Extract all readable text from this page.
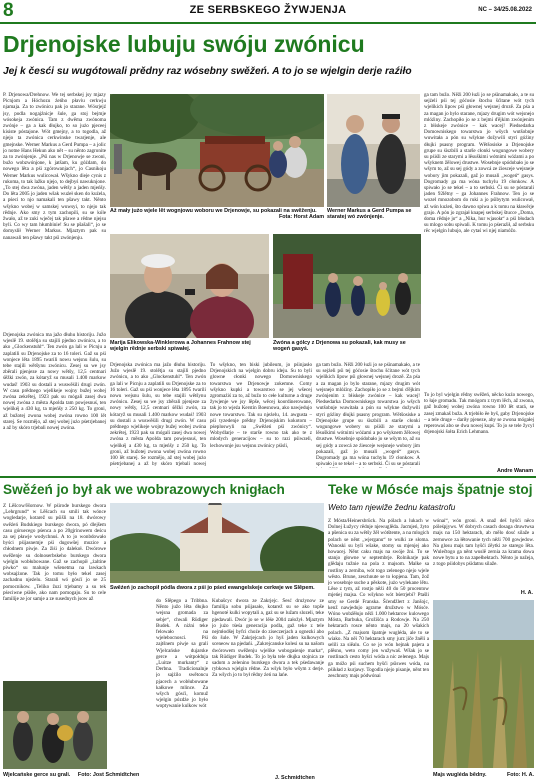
8	ZE SERBSKEGO ŽYWJENJA	NC – 34/25.08.2022
Drjenojske lubuju swóju zwónicu
Jej k česći su wugótowali prědny raz wósebny swěžeń. A to jo se wjelgin derje raźiło
P. Drjenowa/Drehnow. We tej serbskej jsy mjazy Picnjom a Hóchozu źeńho płaviu cerkwju njamaja. Za to zwónicu pak jo starane. Wósrjejź jsy, podla nogajźnicje šule, ga stoj bejmje wósokeja zwónica. Tam z dwěma zwónoma zwónje – ga a kak dłujko, to so jużo pjeceej kisiste póstajone. Wót gmejny, a to togodla, až njejo ta zwónica cerkwinske twarjenje, ale gmejnske. Werner Markus a Gerd Pumpa – a jolic jo notne Hans Hekun ako nět – su něnto zagronite za to zwónjenje. „Pśi nas w Drjenowje se zwoni, bužo wobzwónjone, k jatšam, ku góźdam, do nowego lěta a pśi zgórowanjach“, jo Casnikoju Werner Markus wulicował. Wšykno dieje cynis z rukoma, to tak lažko njejo, to dejbyś nawuknjone. „To stej dwa zwóna, jaden wětšy a jaden mjeńšy. Do lěta 2005 jo jaden wšak wuźeł sken do kuźela, a pśeci to njo namakali ten pšawy takt. Něnto wšykno wobej w samskej wuwsyi, to njejo tak rědnje. Ako smy z tym zachopili, su se kóle žwało, až te zuki wječej tak pšawe a rědne njejsu byli. Co wy tam hłumbinie! Su se pšašali“, jo se domyslił Werner Markus. Mjaztym pak su nanawali ten pšawy takt pśi zwónjenju.
Drjenojska zwónica ma jažo dłuhu historiju. Južo wjeslě 19. stolětja su stajili pjedno zwónicu, a to ako „Glockenstuhl“. Ten zwón ga lali w Picnju a zaplatili su Drjenojske za to 16 toleri. Gaž su pśi wonjece lěta 1895 twarili nowu wejsnu šulu, su tebe stajili wětšynu zwónicu. Zesej su we jsy zběrali pjenjeze za nowy wětšy, 12,5 centnari śěžki zwón, za kótaryž su musali 1.400 markow wudaś! 1903 su dostali a wuswěśili drugi zwón. W casu prědnego wjelikeje wojny bužej wobej zwóna zekrětej, 1923 pak su mógali zasej dwa nowej zwóna z města Apolda tam powjesnuś, ten wjelikéj a 430 kg, ta mjeńšy z 250 kg. To groni, až bužotej zwona wobej zwóna rowno 100 lět starej. Se rozmějo, až stej wobej jużo pśetrjebanej a až by skóro trjebali nowej zwóna.
Až mały jużo wjele lět wognjowu woboru we Drjenowje, su pokazali na swěženju.
Fota: Horst Adam
Werner Markus a Gerd Pumpa se staratej wó zwónjenje.
ga tam bužo. Něži 200 łuźi jo se pśinamakało, a te su sejźeli pśi tej góćosie štochu šćitane wót tych wjelikich lipow pśi głownej wejsnej drozě. Za pśa a za magan jo bylo starane, mjazy drugim wót wejsnejo mlóźiny. Zachopiło jo se z bejmi ďějkim zwónjenim z błiskeje zwónice – kak wacej! Piedsedarka Domowniskego towarstwa jo wšych wutšobnje wuwitała a pón su wšykne dožywili styri góźiny dłujki psasny program. Wětšosiske a Drjenojske grupe su śiszbili a starše cłonki wogungowe wobery su pśiśli ze starymi a lěsuškimi wótnimi wóźami a po wšyknem žělowej drustwe. Wosebnje spódobało jo se wšym to, až su sej gódy a zowcá ze źiesceje wejsneje wobory jim pokazali, gaž jo musali „wogeń“ gasys. Dogromady ga ma wóna tuchylu 19 cłonkow. A spiwało jo se tekel – a to serbski. Či su se póstarali jaden 92lětny – ga Johannes Frahnow. Ten jo se wozel mnozobom do ruki a jo pśibytym wulicował, až wón kuźeń, što dawno spiwa a k tomu na kławěrje grajo. A pón jo zgrajał knapej serbskej štucce „Doma, doma rědnje jo“ a „Nika, hur wjasoła“ a pśi błudach su mlogo sobu spiwali. K tomu jo pśeraźił, až serbsku rěc wjelgin lubujo, ale cytaś wi njej niamóžo.
To jo byl wjelgin rědny swěžeń, něcko kuźo nowego, to łaje gromadu. Tak mnógom z trym lěch, až zwona, gaž bužotej wobej zwóna rowno 100 lět stará, se zasej zmakaš buža. A trjebiło ěe byš, gaby Drjenojske – a tele druge – dariły pjeneze, aby se zwona mógałej reperowaś abo se dwa nowej kupś. To jo se tele žycyl drjenojski šołta Erich Lehmann.
Andre Wanam
Marija Elikowska-Winklerowa a Johannes Frahnow stej wjelgin rědnje serbski spiwałej.
Zwóna a gólcy z Drjenowa su pokazali, kak musy se wogeń gasyś.
Drjenojska zwónica ma jažo dłuhu historiju. Južo wjeslě 19. stolětja su stajili pjedno zwónicu, a to ako „Glockenstuhl“. Ten zwón ga lali w Picnju a zaplatili su Drjenojske za to 16 toleri. Gaž su pśi wonjece lěta 1895 twarili nowu wejsnu šulu, su tebe stajili wětšynu zwónicu. Zesej su we jsy zběrali pjenjeze za nowy wětšy, 12,5 centnari śěžki zwón, za kótaryž su musali 1.400 markow wudaś! 1903 su dostali a wuswěśili drugi zwón. W casu prědnego wjelikeje wojny bužej wobej zwóna zekrětej, 1923 pak su mógali zasej dwa nowej zwóna z města Apolda tam powjesnuś, ten wjelikéj a 430 kg, ta mjeńšy z 250 kg. To groni, až bužotej zwona wobej zwóna rowno 100 lět starej. Se rozmějo, až stej wobej jużo pśetrjebanej a až by skóro trjebali nowej
To wšykno, ten biski jubileum, jo pśinjasło Drjenojskich na wjelgin dobru ideju. Su to byli glowne cłonki nowego Domowniskego towarstwa we Drjenowje zokemne. Comy wšykno kupki a towarstwo se jej wšecej zgromaźiś za to, až bužo to cełe kulturne a druge žywjenje we jsy lěpše, wěcej koordinerowane, tak jo to wjeźa Kerstin Boesnowa, ako nawjedujo nowe towarstwo. Tak su njeźelu, 14. awgusta – pśi tyzedenje prědny Drjenojskim kokotom – pśeploswyli na „Swěźeń pśi zwónicy“. Wobydlarje – te starše rowno tak ako te z mlodych generacijow – su to razi pśiwzeli, lechowonje jsu wejsnu zwónicy pśisli,
ga tam bužo. Něži 200 łuźi jo se pśinamakało, a te su sejźeli pśi tej góćosie štochu šćitane wót tych wjelikich lipow pśi głownej wejsnej drozě. Za pśa a za magan jo bylo starane, mjazy drugim wót wejsnejo mlóźiny. Zachopiło jo se z bejmi ďějkim zwónjenim z błiskeje zwónice – kak wacej! Piedsedarka Domowniskego towarstwa jo wšych wutšobnje wuwitała a pón su wšykne dožywili styri góźiny dłujki psasny program. Wětšosiske a Drjenojske grupe su śiszbili a starše cłonki wogungowe wobery su pśiśli ze starymi a lěsuškimi wótnimi wóźami a po wšyknem žělowej drustwe. Wosebnje spódobało jo se wšym to, až su sej gódy a zowcá ze źiesceje wejsneje wobory jim pokazali, gaž jo musali „wogeń“ gasys. Dogromady ga ma wóna tuchylu 19 cłonkow. A spiwało jo se tekel – a to serbski. Či su se póstarali
Swěźeń jo był ak we wobrazowych knigłach
Z Lěšcow/Hornow. W pśirode burskego dwora „Lehrgrund“ w Lěšcach su smili tak wónce wogledarje, kotarež su pśišli na 18. dwórowy swěźeń Budskiego burskego dwora, pó dlejšem casu góruecego pśenca a po 20gjrinowem deścu za sej pławje wodychnuś. A to jo wonbdowało byści pśijasnemje pśi dugowšej muzice a chłodnem piwje. Za žiśi jo dalekoł. Dwórowe swěženje su dolnoserbskeho burskego dwora wjelgin wobłubowane. Gaž se zachopił „żaltine piwko“ su malunje wšenetma na lawkach wobsajżone. Tak jo tomu było tekel zasej zachadnu njeźelu. Starali wó gósćí jo se 25 pomocnikow. „Teliko žuzi trjebamy a su tek pśeciwne pśiśłe, ako nam pomogaju. Su to cele familije ze jor samje a ze susednych jsow až
Swěźeń jo zachopił pódla dwora z pśi jo pśed ewangelskeje cerkwje we Slěpem.
do Slěpego a Tribbna. Něnto južo lěta dłujko wejsna gromada za sebje“, chwali Rüdiger Budek. A niżni teke felowało na wjelebocnosci. Pśi zajtšnem piwje sa grali Wjelcańske dujarske gerce a wótpołdnja „Luitze murkanty“ z Derbna. Tradicionalnje jo sajźilo swětoncu pjacech a wobłubowane kałkowe mlince. Za wšych gósći, komuž wjelgin pózdźe jo było woptywanie kulkow wót
Kubašcyc dwora ze Zakrjejc. Šesć drużynow ze familija sobu pśijasało, kotarež su se ako topše hgenoté kulki wopytali a, gaż su se lužam slozeli, teke pjedawali. Dwór jo se w lěśe 2004 załožył. Mjaztym jo jużo tśeśa generacija podla, gaž teke z tele nejmłodšej byfci choźe do ziseczerjach a ognezki abo do šule. W Zakrjejcach jo hyš jaden kulkowych sceneow na pjedańi. „Zakrejcanske kolesi su na našom dwórowem swěženju wjelike wobogaśenje marka“, tak Rüdiger Budek. To jo była tele dłujka stojnica ze sadom a zelenino burskego dwora a tek pśedawanje rybkowa wjelgin rědne. Za wšyk było wšym z derje. Za wšych jo to był rědny źeń na lańe.
J. Schmidtchen
Wjelcańske gerce su grali. Foto: Jost Schmidtchen
Teke w Mósće majs špatnje stoj
Weto tam njewiže žednu katastrofu
Z Mósta/Heinersbrück. Na pólach a lukach w Dolnej Łužycy rědnje njewuglěda. Jacmjeń, žyto a pšenica su za wětšy žěl wótštente, a na mlogich polach se něnt „wjerganu“ te wulki ze słoma. Wanoski su byli wšake, stomy su mjenjej ako howacej. Něnt caku majs na swóje žni. To se stanjo głowne w septembrje. Rolnikarje pak glědaju tužnie na pola z majsom. Malke sa rostliny a zerniba, wót togo zelenego njejo wjele wěsto. Brune, zeschnute se to łopjena. Tam, žož jo wosebnje suche a pěskote, jużo wylekane lětu. Lěse z tym, až rostjo něźi 40 do 50 procentow mjeńej majsa. Co wšykno wót bśetrjebi? Ptašli smy se Gerdé Franska. Šćendžlert z Janšojc, kenž nawjedujo agrarne družstwo w Mósće. Wóno wobźěłujo něźi 1.000 hektarow kulowego Mósta, Barbuka, Grožišća a Rodowje. Na 250 hektarach rosce něnto majs, na 20 wšakich polach. „Z majsom špatnje wugléda, ale to se wiako. Na něi 70 hektarach smy jurz jiče žněli a selili za siěalu. Co se jo wón hejnak pajera a plěsno, weto comy jen wužywaš. Wšak jo se rostlinach cesto hyšci wóda a nic zelenego. Majs ga móžo pśi suchem byšći pśiswes wóda, na pśikład z kurjawy. Togodla njejo pisanje, něnt ten zeschnuty majs pódwónai
wónaí“, wón groni. A snaž deš hyšći něco póleśpjyws. W dobrych casach dosaga druwtwsa majs na 150 hektarach, ab mělo dosć silaže a zernowce za łětowanie tych něźi 700 gowjedow. Na glosu majs tam hyšći źěytki ze starego lěta. Wulečtogo ga něnt wuslě zernia za krama dowa nowe bytu a to na zapełhektach. Něnto jo nažeja, z togo pśidobys pśidatnu silaže.
H. A.
Majs wugléda bědny.	Foto: H. A.
